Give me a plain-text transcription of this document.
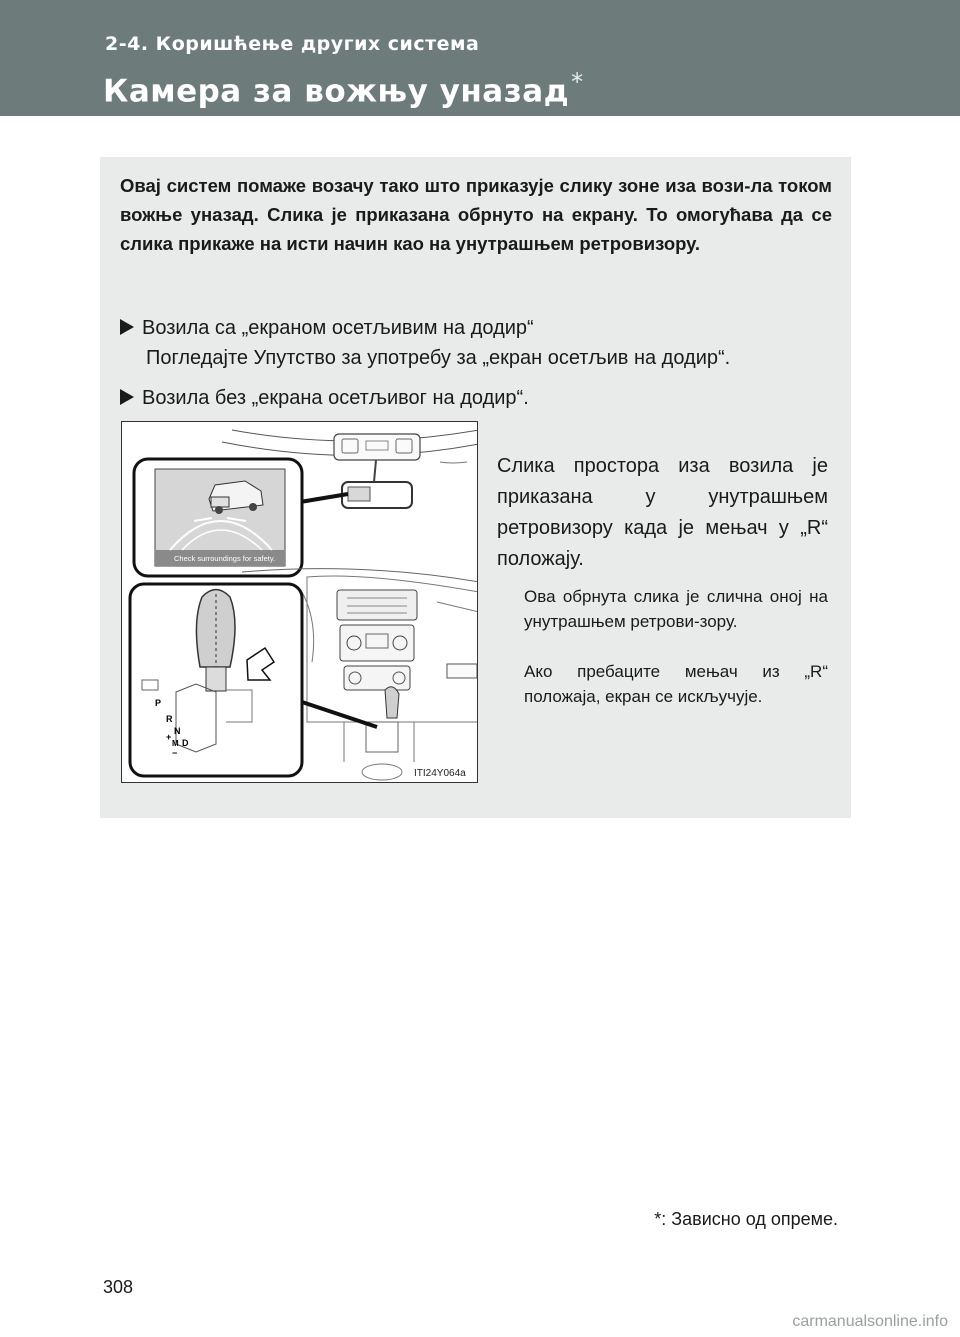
2-4. Коришћење других система
Камера за вожњу уназад*
Овај систем помаже возачу тако што приказује слику зоне иза вози-ла током вожње уназад. Слика је приказана обрнуто на екрану. То омогућава да се слика прикаже на исти начин као на унутрашњем ретровизору.
Возила са „екраном осетљивим на додир“
Погледајте Упутство за употребу за „екран осетљив на додир“.
Возила без „екрана осетљивог на додир“.
Check surroundings for safety.
P
R
N
D
M
+
−
ITI24Y064a
Слика простора иза возила је приказана у унутрашњем ретровизору када је мењач у „R“ положају.
Ова обрнута слика је слична оној на унутрашњем ретрови-зору.
Ако пребаците мењач из „R“ положаја, екран се искључује.
*: Зависно од опреме.
308
carmanualsonline.info
